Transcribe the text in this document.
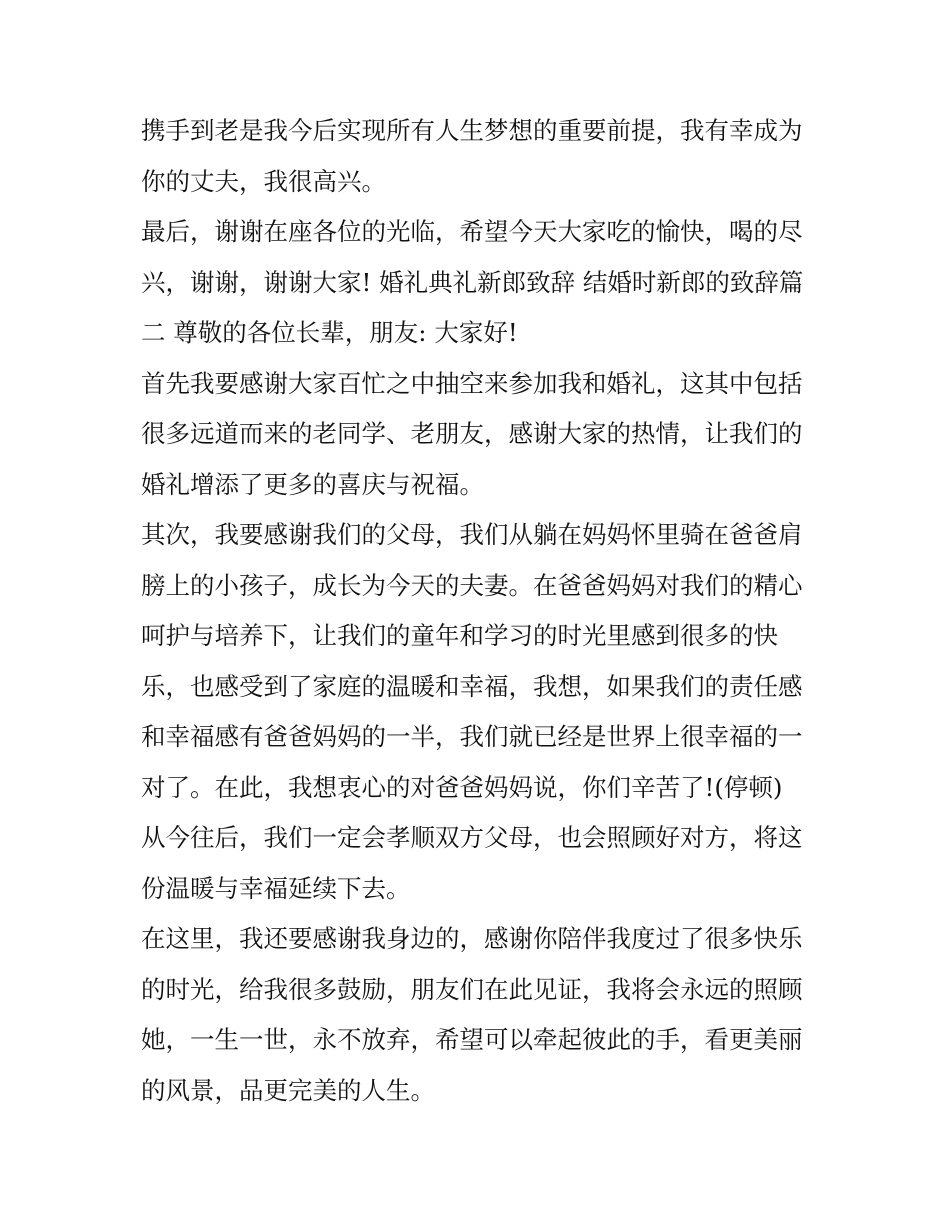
携手到老是我今后实现所有人生梦想的重要前提，我有幸成为
你的丈夫，我很高兴。
最后，谢谢在座各位的光临，希望今天大家吃的愉快，喝的尽
兴，谢谢，谢谢大家! 婚礼典礼新郎致辞 结婚时新郎的致辞篇
二 尊敬的各位长辈，朋友: 大家好!
首先我要感谢大家百忙之中抽空来参加我和婚礼，这其中包括
很多远道而来的老同学、老朋友，感谢大家的热情，让我们的
婚礼增添了更多的喜庆与祝福。
其次，我要感谢我们的父母，我们从躺在妈妈怀里骑在爸爸肩
膀上的小孩子，成长为今天的夫妻。在爸爸妈妈对我们的精心
呵护与培养下，让我们的童年和学习的时光里感到很多的快
乐，也感受到了家庭的温暖和幸福，我想，如果我们的责任感
和幸福感有爸爸妈妈的一半，我们就已经是世界上很幸福的一
对了。在此，我想衷心的对爸爸妈妈说，你们辛苦了!(停顿)
从今往后，我们一定会孝顺双方父母，也会照顾好对方，将这
份温暖与幸福延续下去。
在这里，我还要感谢我身边的，感谢你陪伴我度过了很多快乐
的时光，给我很多鼓励，朋友们在此见证，我将会永远的照顾
她，一生一世，永不放弃，希望可以牵起彼此的手，看更美丽
的风景，品更完美的人生。
